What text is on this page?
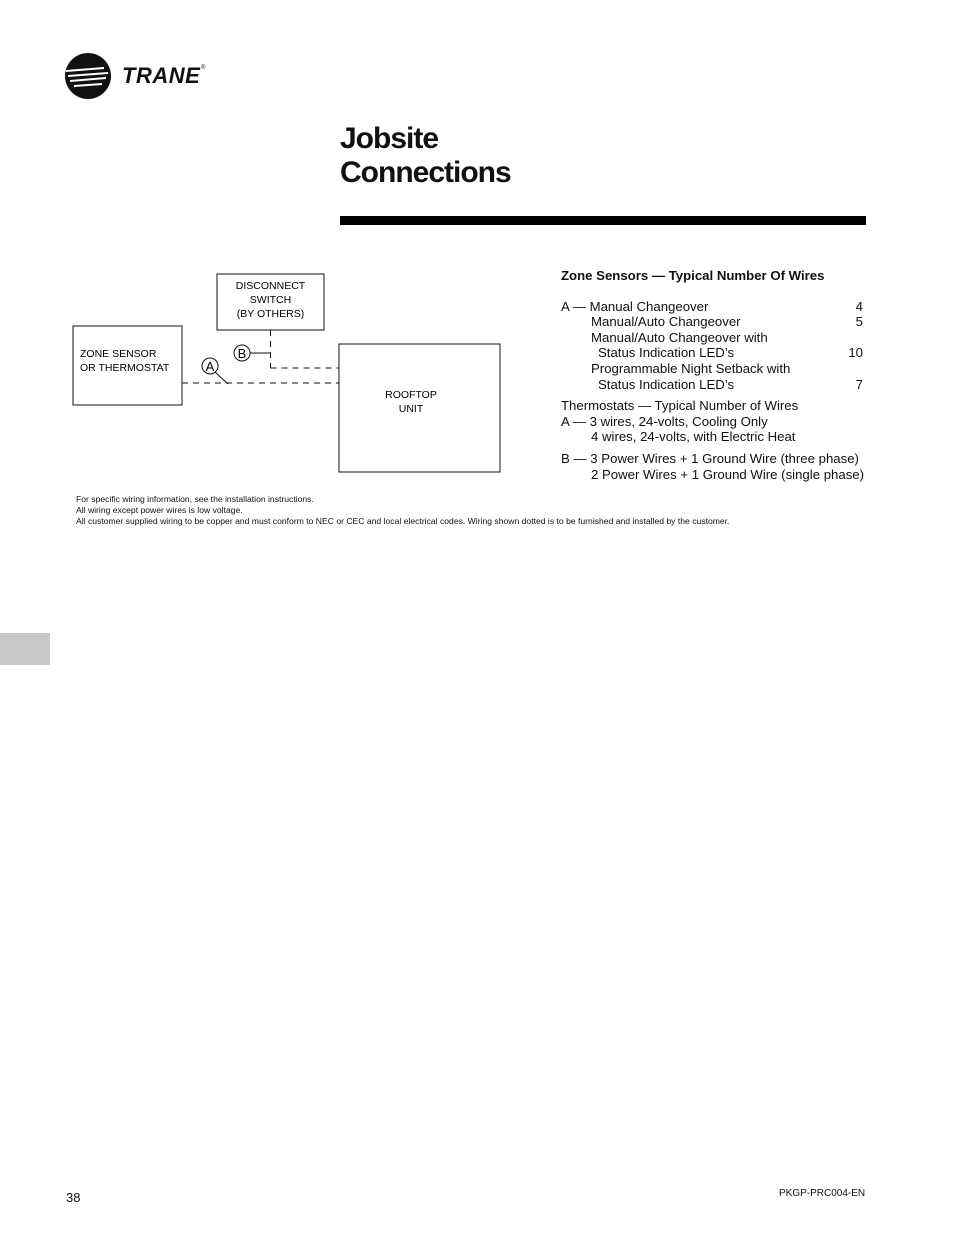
TRANE ®
Jobsite
Connections
DISCONNECT
SWITCH
(BY OTHERS)
ZONE SENSOR
OR THERMOSTAT
ROOFTOP
UNIT
A
B
Zone Sensors — Typical Number Of Wires
A — Manual Changeover	4
Manual/Auto Changeover	5
Manual/Auto Changeover with
Status Indication LED’s	10
Programmable Night Setback with
Status Indication LED’s	7
Thermostats — Typical Number of Wires
A — 3 wires, 24-volts, Cooling Only
4 wires, 24-volts, with Electric Heat
B — 3 Power Wires + 1 Ground Wire (three phase)
2 Power Wires + 1 Ground Wire (single phase)
For specific wiring information, see the installation instructions.
All wiring except power wires is low voltage.
All customer supplied wiring to be copper and must conform to NEC or CEC and local electrical codes. Wiring shown dotted is to be furnished and installed by the customer.
38	PKGP-PRC004-EN
